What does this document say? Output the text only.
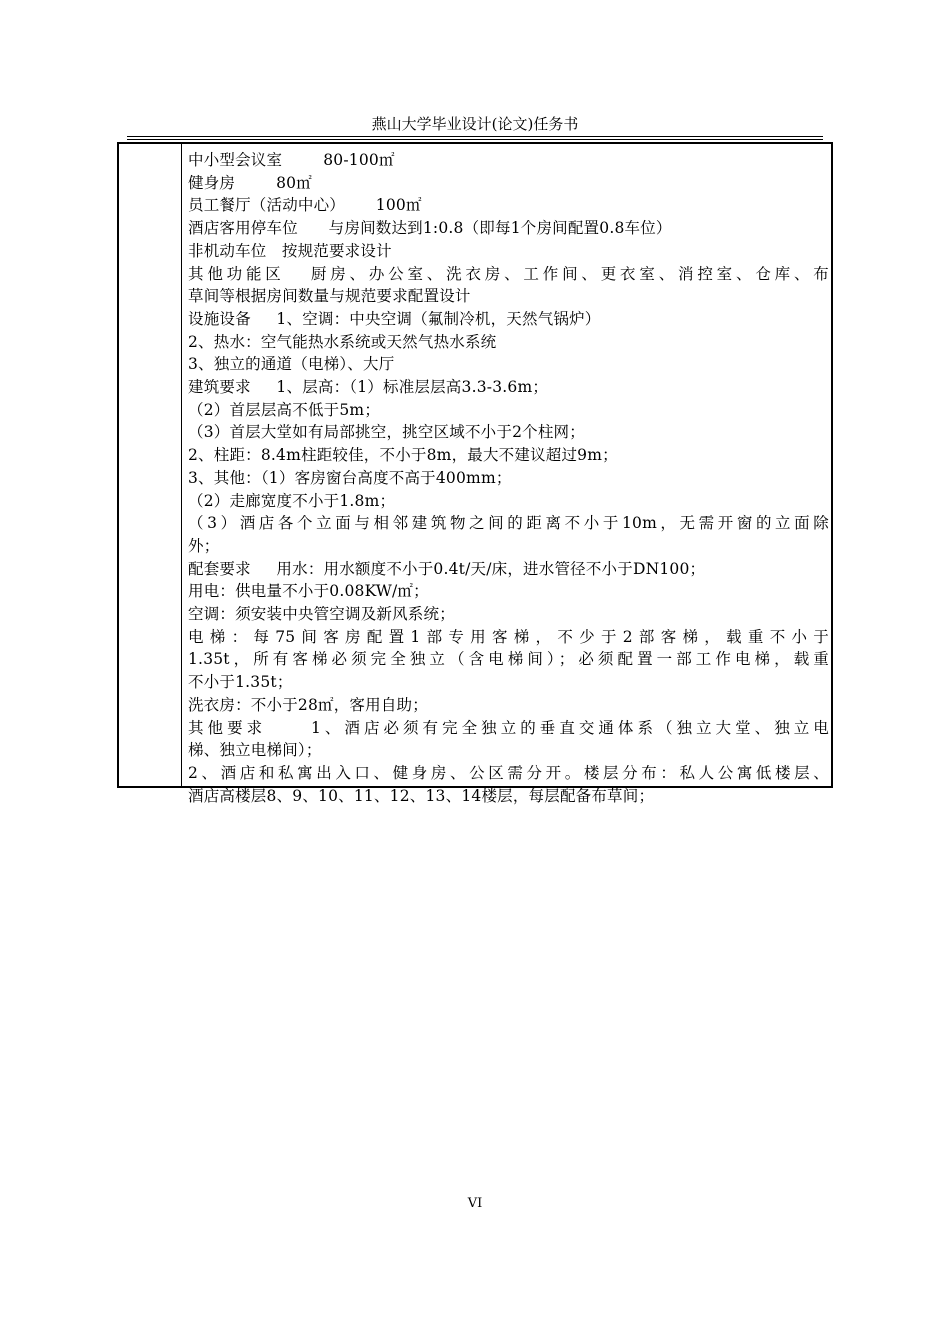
燕山大学毕业设计(论文)任务书
中小型会议室        80-100㎡
健身房        80㎡
员工餐厅（活动中心）      100㎡
酒店客用停车位      与房间数达到1:0.8（即每1个房间配置0.8车位）
非机动车位   按规范要求设计
其他功能区   厨房、办公室、洗衣房、工作间、更衣室、消控室、仓库、布
草间等根据房间数量与规范要求配置设计
设施设备     1、空调：中央空调（氟制冷机，天然气锅炉）
2、热水：空气能热水系统或天然气热水系统
3、独立的通道（电梯）、大厅
建筑要求     1、层高：（1）标准层层高3.3-3.6m；
（2）首层层高不低于5m；
（3）首层大堂如有局部挑空，挑空区域不小于2个柱网；
2、柱距：8.4m柱距较佳，不小于8m，最大不建议超过9m；
3、其他：（1）客房窗台高度不高于400mm；
（2）走廊宽度不小于1.8m；
（3）酒店各个立面与相邻建筑物之间的距离不小于10m，无需开窗的立面除
外；
配套要求     用水：用水额度不小于0.4t/天/床，进水管径不小于DN100；
用电：供电量不小于0.08KW/㎡；
空调：须安装中央管空调及新风系统；
电梯：每75间客房配置1部专用客梯，不少于2部客梯，载重不小于
1.35t，所有客梯必须完全独立（含电梯间）；必须配置一部工作电梯，载重
不小于1.35t；
洗衣房：不小于28㎡，客用自助；
其他要求     1、酒店必须有完全独立的垂直交通体系（独立大堂、独立电
梯、独立电梯间）；
2、酒店和私寓出入口、健身房、公区需分开。楼层分布：私人公寓低楼层、
酒店高楼层8、9、10、11、12、13、14楼层，每层配备布草间；
VI
